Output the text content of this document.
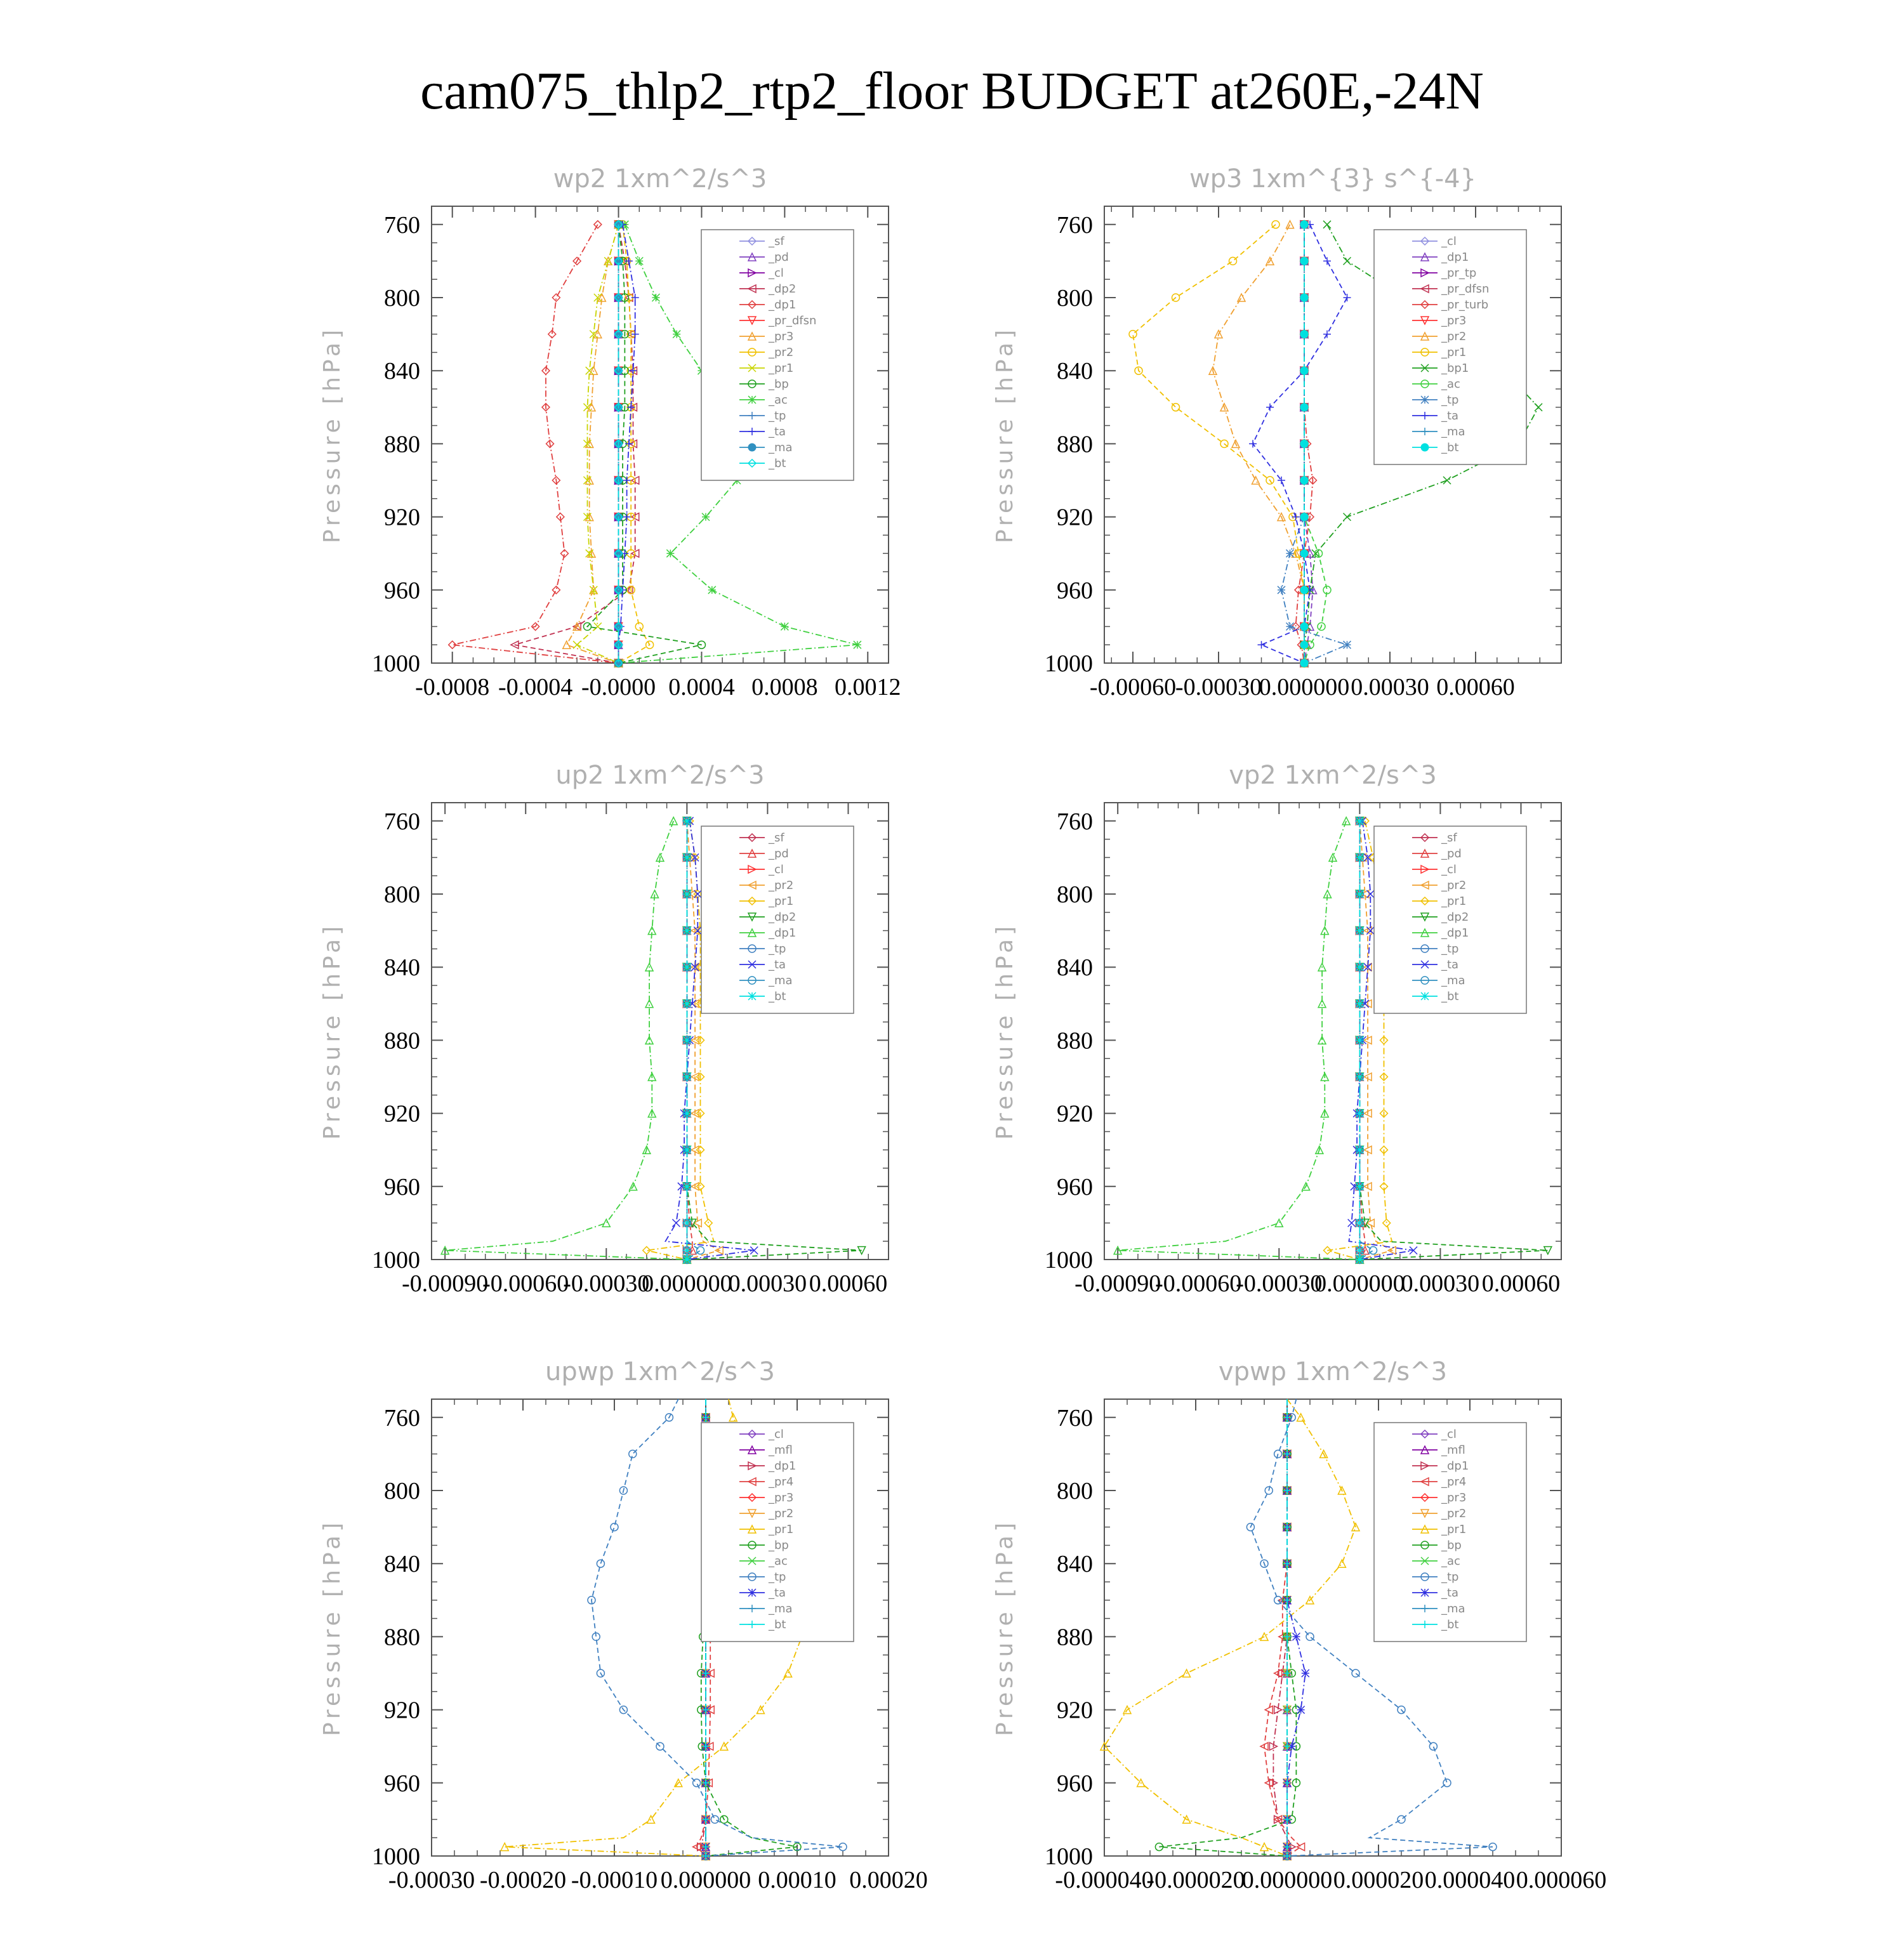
cam075_thlp2_rtp2_floor BUDGET at260E,-24N
wp2 1xm^2/s^3
Pressure [hPa]
760
800
840
880
920
960
1000
-0.0008 -0.0004 -0.0000 0.0004 0.0008 0.0012
_sf
_pd
_cl
_dp2
_dp1
_pr_dfsn
_pr3
_pr2
_pr1
_bp
_ac
_tp
_ta
_ma
_bt
wp3 1xm^{3} s^{-4}
Pressure [hPa]
760
800
840
880
920
960
1000
-0.00060
-0.00030
0.000000 0.00030 0.00060
_cl
_dp1
_pr_tp
_pr_dfsn
_pr_turb
_pr3
_pr2
_pr1
_bp1
_ac
_tp
_ta
_ma
_bt
up2 1xm^2/s^3
Pressure [hPa]
760
800
840
880
920
960
1000
-0.00090
-0.00060
-0.00030
0.000000
0.00030 0.00060
_sf
_pd
_cl
_pr2
_pr1
_dp2
_dp1
_tp
_ta
_ma
_bt
vp2 1xm^2/s^3
Pressure [hPa]
760
800
840
880
920
960
1000
-0.00090
-0.00060
-0.00030
0.000000
0.00030 0.00060
_sf
_pd
_cl
_pr2
_pr1
_dp2
_dp1
_tp
_ta
_ma
_bt
upwp 1xm^2/s^3
Pressure [hPa]
760
800
840
880
920
960
1000
-0.00030 -0.00020 -0.00010 0.000000 0.00010 0.00020
_cl
_mfl
_dp1
_pr4
_pr3
_pr2
_pr1
_bp
_ac
_tp
_ta
_ma
_bt
vpwp 1xm^2/s^3
Pressure [hPa]
760
800
840
880
920
960
1000
-0.000040
-0.000020
0.000000 0.000020 0.000040 0.000060
_cl
_mfl
_dp1
_pr4
_pr3
_pr2
_pr1
_bp
_ac
_tp
_ta
_ma
_bt
